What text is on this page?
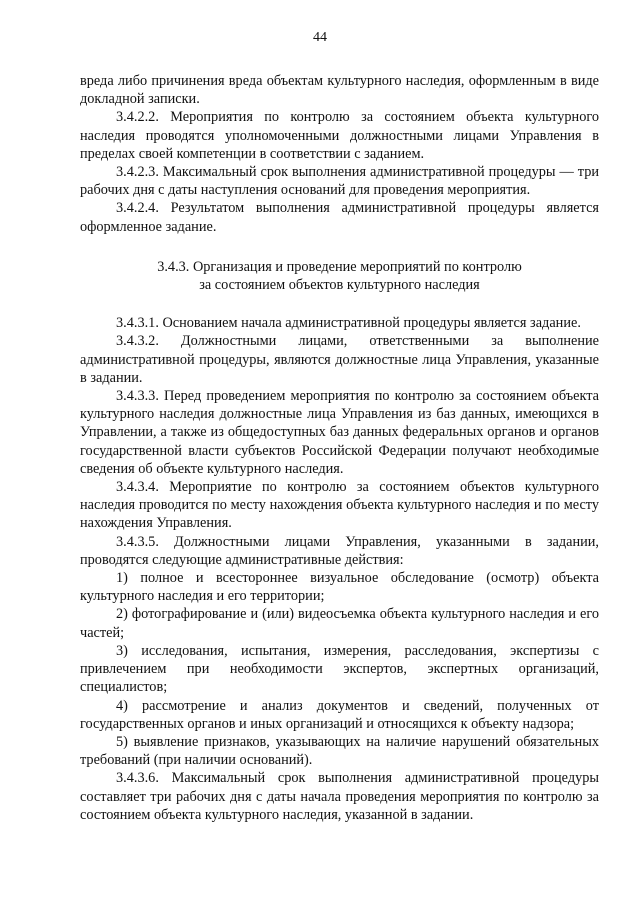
44

вреда либо причинения вреда объектам культурного наследия, оформленным в виде докладной записки.

3.4.2.2. Мероприятия по контролю за состоянием объекта культурного наследия проводятся уполномоченными должностными лицами Управления в пределах своей компетенции в соответствии с заданием.

3.4.2.3. Максимальный срок выполнения административной процедуры — три рабочих дня с даты наступления оснований для проведения мероприятия.

3.4.2.4. Результатом выполнения административной процедуры является оформленное задание.

3.4.3. Организация и проведение мероприятий по контролю
за состоянием объектов культурного наследия

3.4.3.1. Основанием начала административной процедуры является задание.

3.4.3.2. Должностными лицами, ответственными за выполнение административной процедуры, являются должностные лица Управления, указанные в задании.

3.4.3.3. Перед проведением мероприятия по контролю за состоянием объекта культурного наследия должностные лица Управления из баз данных, имеющихся в Управлении, а также из общедоступных баз данных федеральных органов и органов государственной власти субъектов Российской Федерации получают необходимые сведения об объекте культурного наследия.

3.4.3.4. Мероприятие по контролю за состоянием объектов культурного наследия проводится по месту нахождения объекта культурного наследия и по месту нахождения Управления.

3.4.3.5. Должностными лицами Управления, указанными в задании, проводятся следующие административные действия:

1) полное и всестороннее визуальное обследование (осмотр) объекта культурного наследия и его территории;

2) фотографирование и (или) видеосъемка объекта культурного наследия и его частей;

3) исследования, испытания, измерения, расследования, экспертизы с привлечением при необходимости экспертов, экспертных организаций, специалистов;

4) рассмотрение и анализ документов и сведений, полученных от государственных органов и иных организаций и относящихся к объекту надзора;

5) выявление признаков, указывающих на наличие нарушений обязательных требований (при наличии оснований).

3.4.3.6. Максимальный срок выполнения административной процедуры составляет три рабочих дня с даты начала проведения мероприятия по контролю за состоянием объекта культурного наследия, указанной в задании.
